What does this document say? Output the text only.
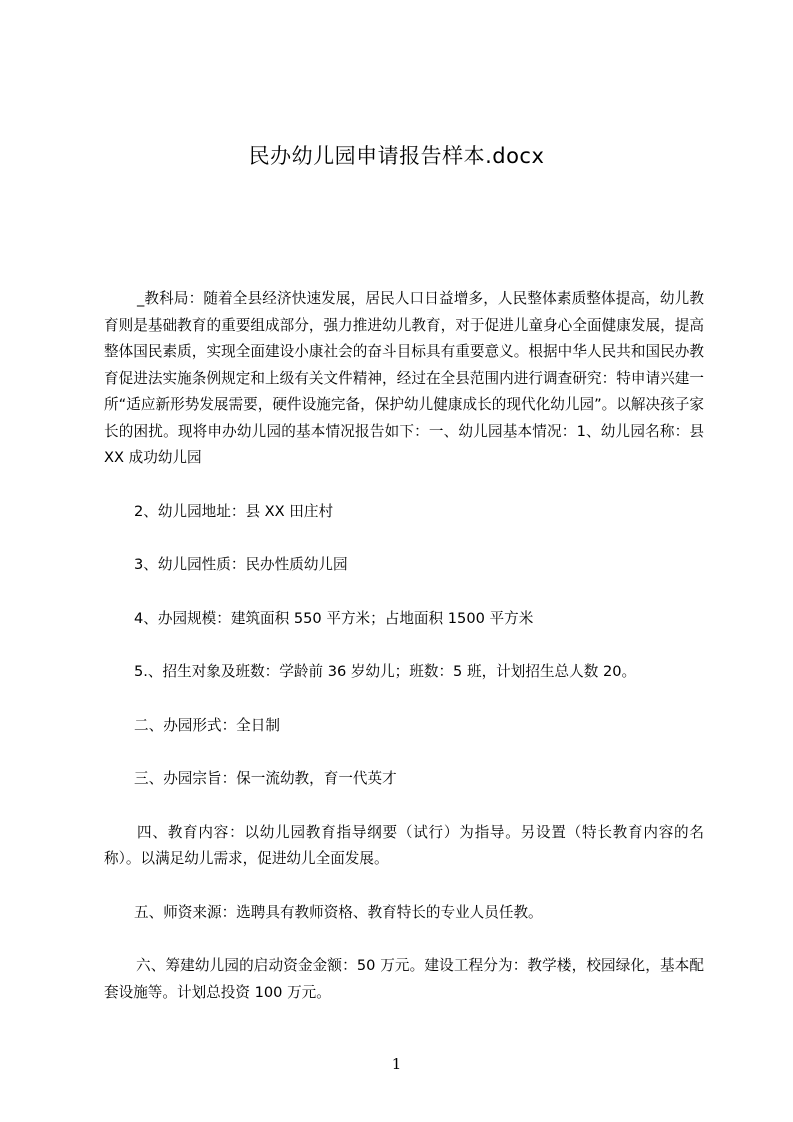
民办幼儿园申请报告样本.docx

_教科局：随着全县经济快速发展，居民人口日益增多，人民整体素质整体提高，幼儿教育则是基础教育的重要组成部分，强力推进幼儿教育，对于促进儿童身心全面健康发展，提高整体国民素质，实现全面建设小康社会的奋斗目标具有重要意义。根据中华人民共和国民办教育促进法实施条例规定和上级有关文件精神，经过在全县范围内进行调查研究：特申请兴建一所“适应新形势发展需要，硬件设施完备，保护幼儿健康成长的现代化幼儿园”。以解决孩子家长的困扰。现将申办幼儿园的基本情况报告如下：一、幼儿园基本情况：1、幼儿园名称：县 XX 成功幼儿园

2、幼儿园地址：县 XX 田庄村

3、幼儿园性质：民办性质幼儿园

4、办园规模：建筑面积 550 平方米；占地面积 1500 平方米

5.、招生对象及班数：学龄前 36 岁幼儿；班数：5 班，计划招生总人数 20。

二、办园形式：全日制

三、办园宗旨：保一流幼教，育一代英才

四、教育内容：以幼儿园教育指导纲要（试行）为指导。另设置（特长教育内容的名称）。以满足幼儿需求，促进幼儿全面发展。

五、师资来源：选聘具有教师资格、教育特长的专业人员任教。

六、筹建幼儿园的启动资金金额：50 万元。建设工程分为：教学楼，校园绿化，基本配套设施等。计划总投资 100 万元。

1
